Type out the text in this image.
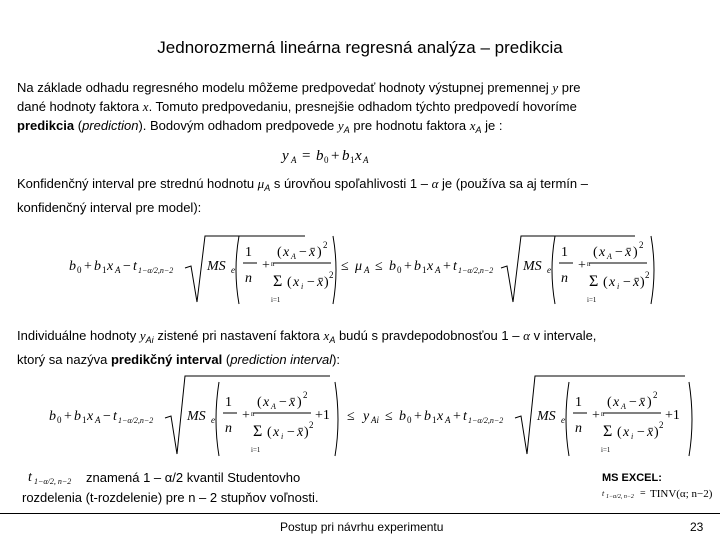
Jednorozmerná lineárna regresná analýza – predikcia
Na základe odhadu regresného modelu môžeme predpovedať hodnoty výstupnej premennej y pre
dané hodnoty faktora x. Tomuto predpovedaniu, presnejšie odhadom týchto predpovedí hovoríme
predikcia (prediction). Bodovým odhadom predpovede $y_A$ pre hodnotu faktora $x_A$ je :
y A = b 0 + b 1 x A
Konfidenčný interval pre strednú hodnotu $\mu_A$ s úrovňou spoľahlivosti 1 – α je (používa sa aj termín –
konfidenčný interval pre model):
b 0 + b 1 x A − t 1−α/2,n−2 MS e
1
n
+
( x A − x̄ ) 2
Σ
n
i=1
( x i − x̄ ) 2
≤ μ A ≤ b 0 + b 1 x A + t 1−α/2,n−2 MS e
1
n
+
( x A − x̄ ) 2
Σ
n
i=1
( x i − x̄ ) 2
Individuálne hodnoty $y_{Ai}$ zistené pri nastavení faktora $x_A$ budú s pravdepodobnosťou 1 – α v intervale,
ktorý sa nazýva predikčný interval (prediction interval):
b 0 + b 1 x A − t 1−α/2,n−2 MS e
1
n
+
( x A − x̄ ) 2
Σ
n
i=1
( x i − x̄ ) 2
+1 ≤ y Ai ≤ b 0 + b 1 x A + t 1−α/2,n−2 MS e
1
n
+
( x A − x̄ ) 2
Σ
n
i=1
( x i − x̄ ) 2
+1
t 1−α/2, n−2 znamená 1 – α/2 kvantil Studentovho
rozdelenia (t-rozdelenie) pre n – 2 stupňov voľnosti.
MS EXCEL:
t 1−α/2, n−2 = TINV(α; n−2)
Postup pri návrhu experimentu	23
